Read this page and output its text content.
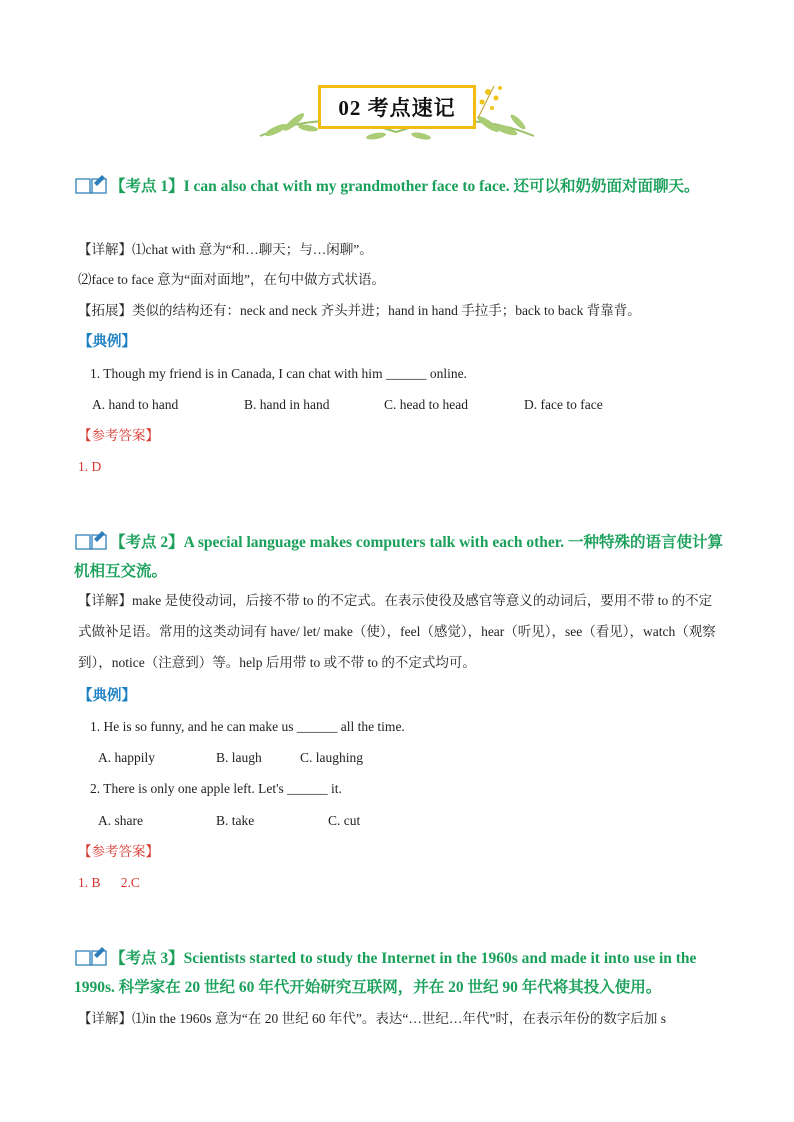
02 考点速记

【考点 1】I can also chat with my grandmother face to face. 还可以和奶奶面对面聊天。

【详解】⑴chat with 意为“和…聊天；与…闲聊”。
⑵face to face 意为“面对面地”，在句中做方式状语。
【拓展】类似的结构还有：neck and neck 齐头并进；hand in hand 手拉手；back to back 背靠背。
【典例】
1. Though my friend is in Canada, I can chat with him ______ online.
A. hand to hand	B. hand in hand	C. head to head	D. face to face
【参考答案】
1. D

【考点 2】A special language makes computers talk with each other. 一种特殊的语言使计算机相互交流。

【详解】make 是使役动词，后接不带 to 的不定式。在表示使役及感官等意义的动词后，要用不带 to 的不定式做补足语。常用的这类动词有 have/ let/ make（使），feel（感觉），hear（听见），see（看见），watch（观察到），notice（注意到）等。help 后用带 to 或不带 to 的不定式均可。

【典例】
1. He is so funny, and he can make us ______ all the time.
A. happily	B. laugh	C. laughing
2. There is only one apple left. Let's ______ it.
A. share	B. take	C. cut
【参考答案】
1. B      2.C

【考点 3】Scientists started to study the Internet in the 1960s and made it into use in the 1990s. 科学家在 20 世纪 60 年代开始研究互联网，并在 20 世纪 90 年代将其投入使用。

【详解】⑴in the 1960s 意为“在 20 世纪 60 年代”。表达“…世纪…年代”时，在表示年份的数字后加 s
